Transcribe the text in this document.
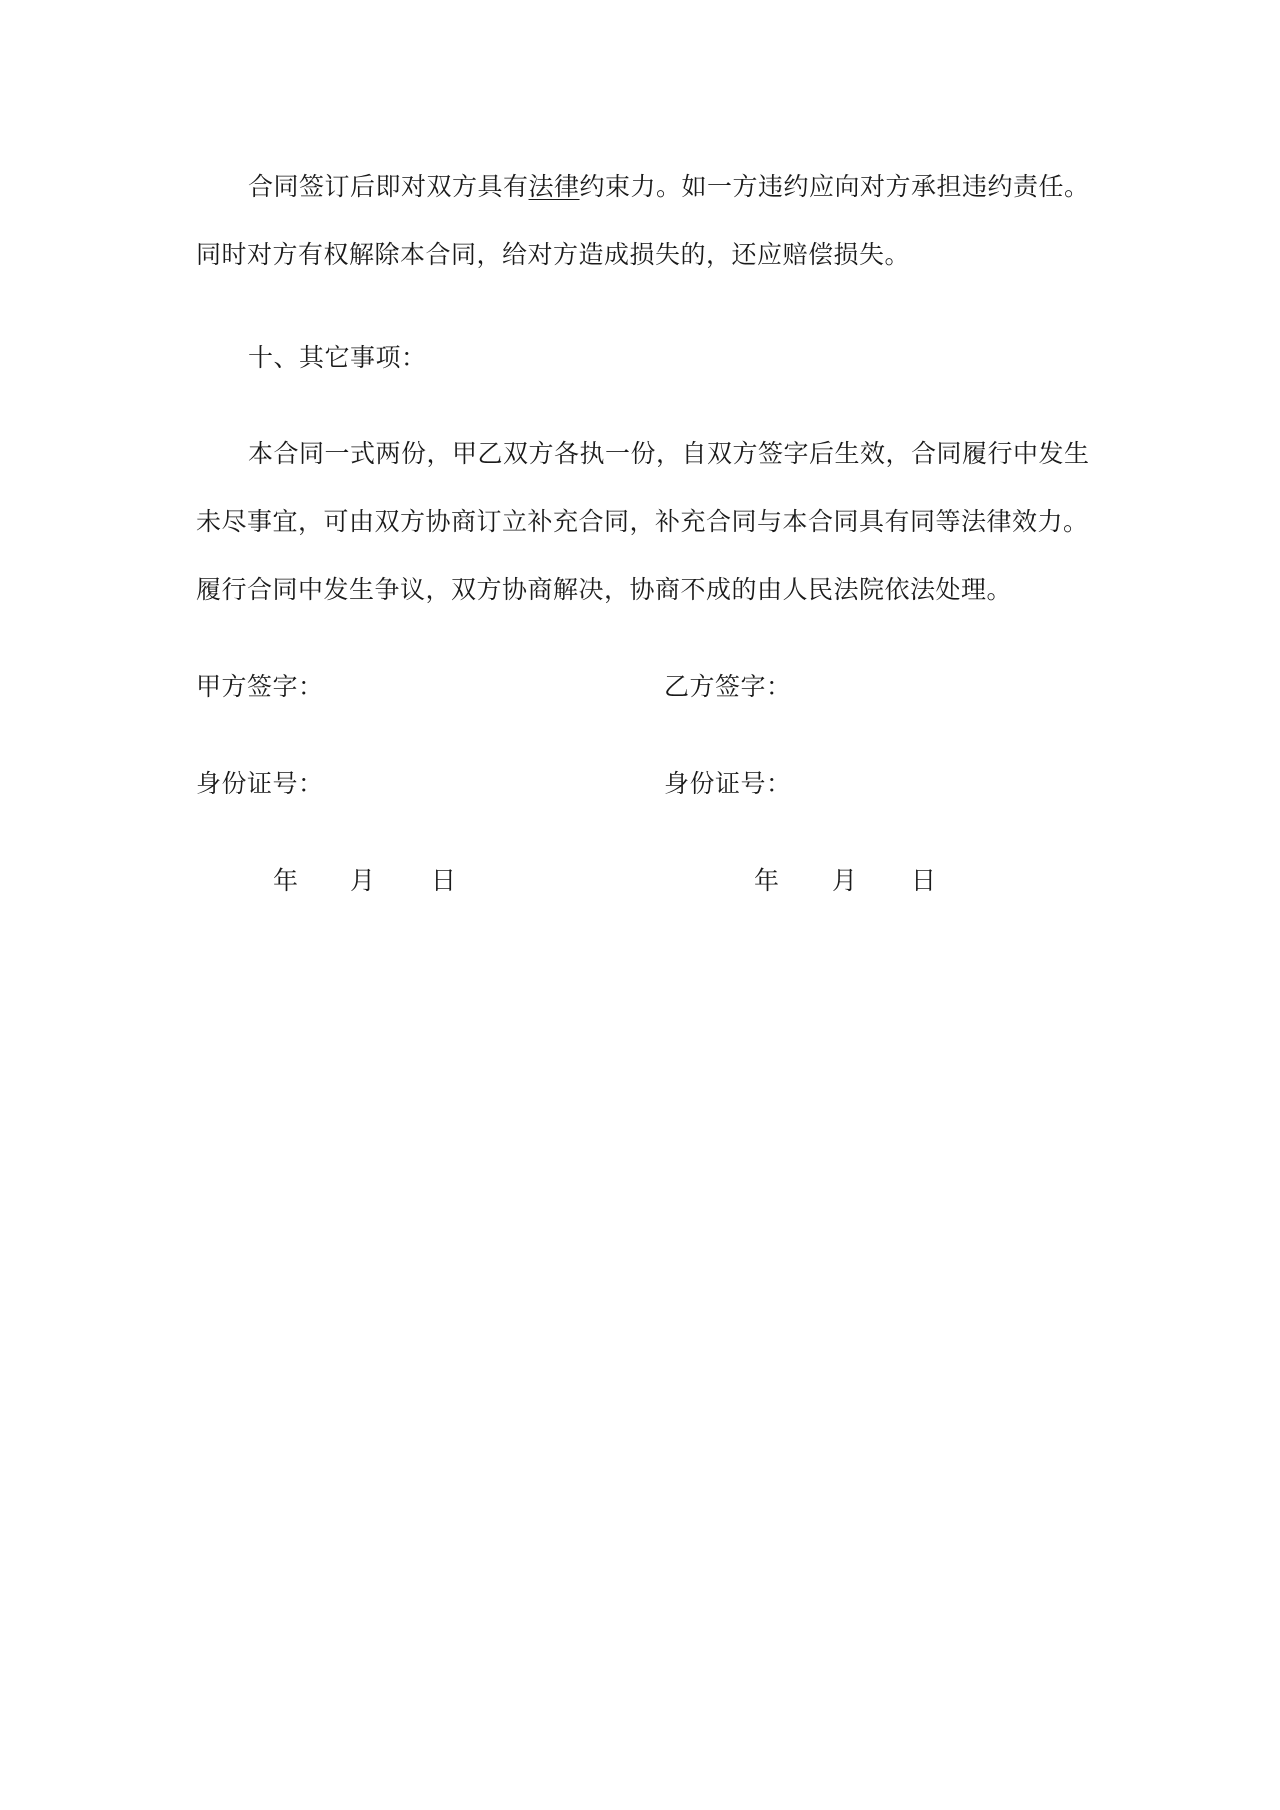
合同签订后即对双方具有法律约束力。如一方违约应向对方承担违约责任。
同时对方有权解除本合同，给对方造成损失的，还应赔偿损失。
十、其它事项：
本合同一式两份，甲乙双方各执一份，自双方签字后生效，合同履行中发生
未尽事宜，可由双方协商订立补充合同，补充合同与本合同具有同等法律效力。
履行合同中发生争议，双方协商解决，协商不成的由人民法院依法处理。
甲方签字：	乙方签字：
身份证号：	身份证号：
年 月 日	年 月 日
